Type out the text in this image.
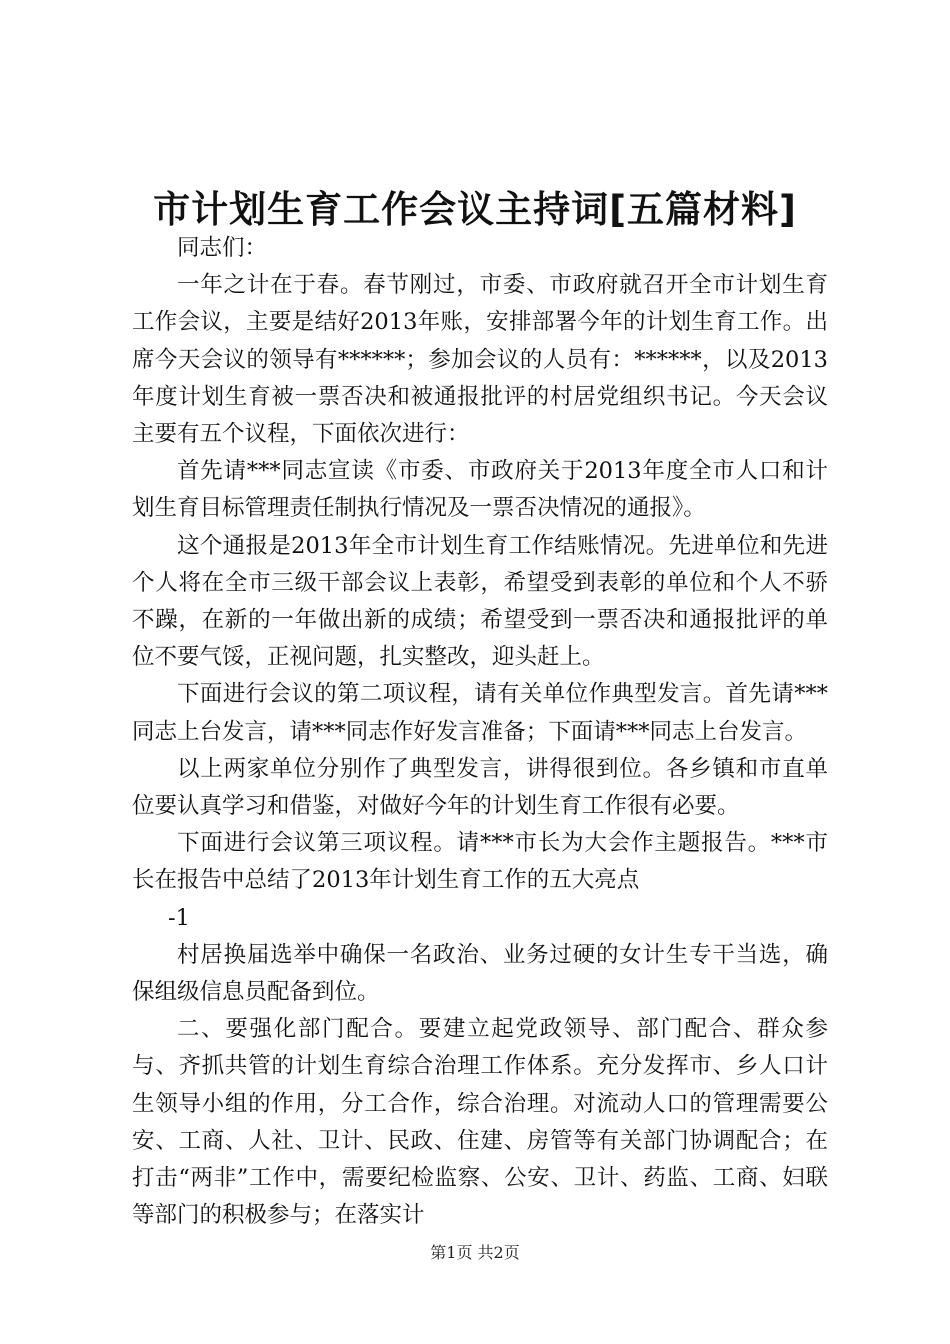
市计划生育工作会议主持词[五篇材料]

同志们：

一年之计在于春。春节刚过，市委、市政府就召开全市计划生育工作会议，主要是结好2013年账，安排部署今年的计划生育工作。出席今天会议的领导有******；参加会议的人员有：******，以及2013年度计划生育被一票否决和被通报批评的村居党组织书记。今天会议主要有五个议程，下面依次进行：

首先请***同志宣读《市委、市政府关于2013年度全市人口和计划生育目标管理责任制执行情况及一票否决情况的通报》。

这个通报是2013年全市计划生育工作结账情况。先进单位和先进个人将在全市三级干部会议上表彰，希望受到表彰的单位和个人不骄不躁，在新的一年做出新的成绩；希望受到一票否决和通报批评的单位不要气馁，正视问题，扎实整改，迎头赶上。

下面进行会议的第二项议程，请有关单位作典型发言。首先请***同志上台发言，请***同志作好发言准备；下面请***同志上台发言。

以上两家单位分别作了典型发言，讲得很到位。各乡镇和市直单位要认真学习和借鉴，对做好今年的计划生育工作很有必要。

下面进行会议第三项议程。请***市长为大会作主题报告。***市长在报告中总结了2013年计划生育工作的五大亮点

-1

村居换届选举中确保一名政治、业务过硬的女计生专干当选，确保组级信息员配备到位。

二、要强化部门配合。要建立起党政领导、部门配合、群众参与、齐抓共管的计划生育综合治理工作体系。充分发挥市、乡人口计生领导小组的作用，分工合作，综合治理。对流动人口的管理需要公安、工商、人社、卫计、民政、住建、房管等有关部门协调配合；在打击“两非”工作中，需要纪检监察、公安、卫计、药监、工商、妇联等部门的积极参与；在落实计

第1页 共2页
